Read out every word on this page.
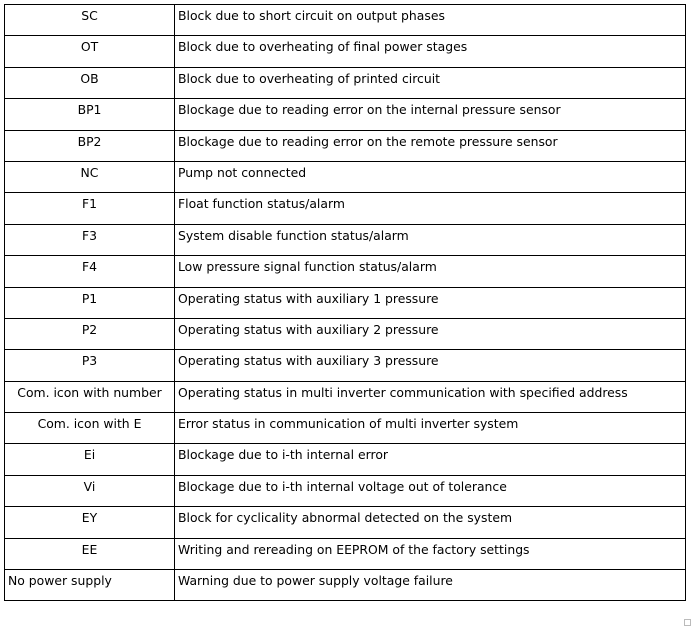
SC	Block due to short circuit on output phases
OT	Block due to overheating of final power stages
OB	Block due to overheating of printed circuit
BP1	Blockage due to reading error on the internal pressure sensor
BP2	Blockage due to reading error on the remote pressure sensor
NC	Pump not connected
F1	Float function status/alarm
F3	System disable function status/alarm
F4	Low pressure signal function status/alarm
P1	Operating status with auxiliary 1 pressure
P2	Operating status with auxiliary 2 pressure
P3	Operating status with auxiliary 3 pressure
Com. icon with number	Operating status in multi inverter communication with specified address
Com. icon with E	Error status in communication of multi inverter system
Ei	Blockage due to i-th internal error
Vi	Blockage due to i-th internal voltage out of tolerance
EY	Block for cyclicality abnormal detected on the system
EE	Writing and rereading on EEPROM of the factory settings
No power supply	Warning due to power supply voltage failure
